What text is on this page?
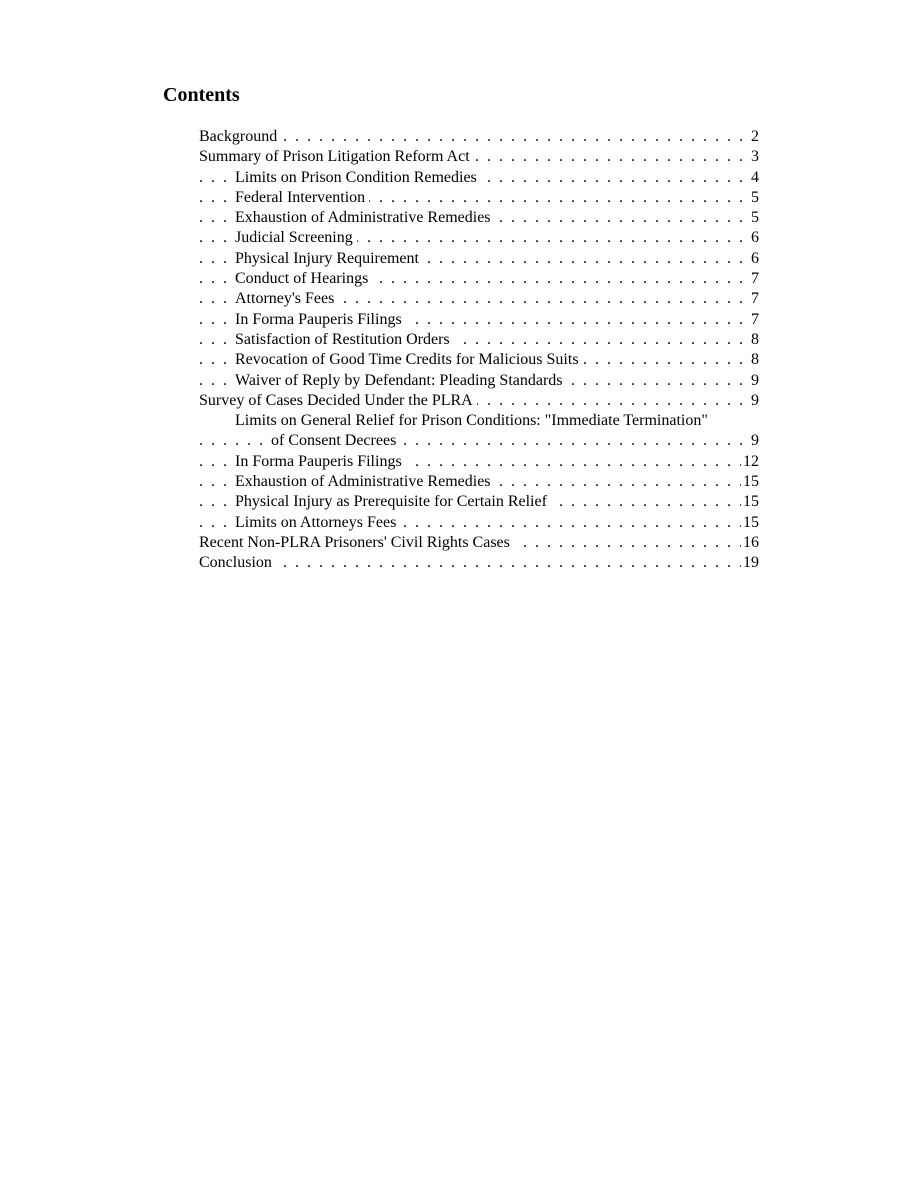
Contents
. . .
Background	2
. . .
Summary of Prison Litigation Reform Act	3
. . .
Limits on Prison Condition Remedies	4
. . .
Federal Intervention	5
. . .
Exhaustion of Administrative Remedies	5
. . .
Judicial Screening	6
. . .
Physical Injury Requirement	6
. . .
Conduct of Hearings	7
. . .
Attorney's Fees	7
. . .
In Forma Pauperis Filings	7
. . .
Satisfaction of Restitution Orders	8
. . .
Revocation of Good Time Credits for Malicious Suits	8
. . .
Waiver of Reply by Defendant: Pleading Standards	9
. . .
Survey of Cases Decided Under the PLRA	9
Limits on General Relief for Prison Conditions: "Immediate Termination"
. . .
of Consent Decrees	9
. . .
In Forma Pauperis Filings	12
. . .
Exhaustion of Administrative Remedies	15
. . .
Physical Injury as Prerequisite for Certain Relief	15
. . .
Limits on Attorneys Fees	15
. . .
Recent Non-PLRA Prisoners' Civil Rights Cases	16
. . .
Conclusion	19
